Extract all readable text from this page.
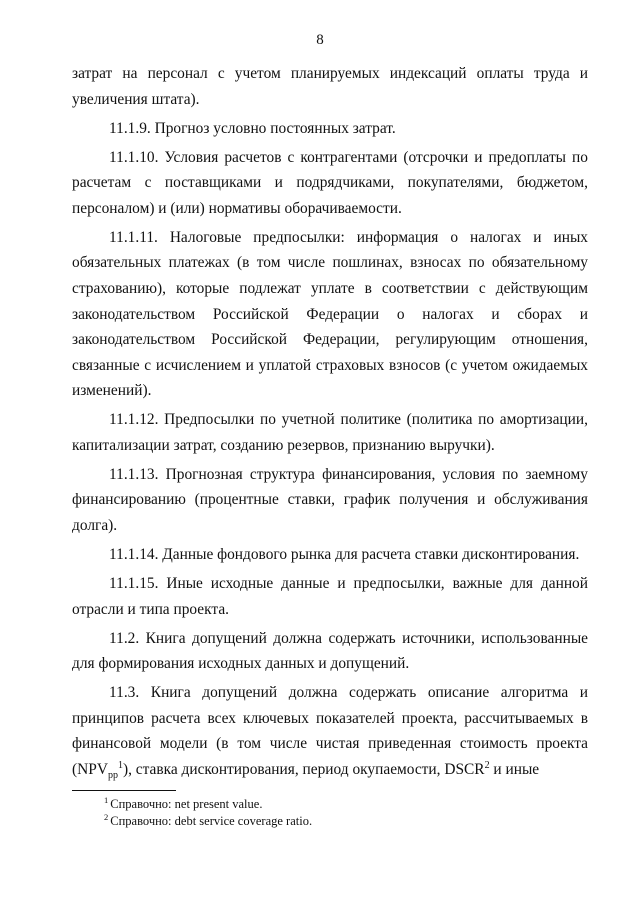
8

затрат на персонал с учетом планируемых индексаций оплаты труда и увеличения штата).

11.1.9. Прогноз условно постоянных затрат.

11.1.10. Условия расчетов с контрагентами (отсрочки и предоплаты по расчетам с поставщиками и подрядчиками, покупателями, бюджетом, персоналом) и (или) нормативы оборачиваемости.

11.1.11. Налоговые предпосылки: информация о налогах и иных обязательных платежах (в том числе пошлинах, взносах по обязательному страхованию), которые подлежат уплате в соответствии с действующим законодательством Российской Федерации о налогах и сборах и законодательством Российской Федерации, регулирующим отношения, связанные с исчислением и уплатой страховых взносов (с учетом ожидаемых изменений).

11.1.12. Предпосылки по учетной политике (политика по амортизации, капитализации затрат, созданию резервов, признанию выручки).

11.1.13. Прогнозная структура финансирования, условия по заемному финансированию (процентные ставки, график получения и обслуживания долга).

11.1.14. Данные фондового рынка для расчета ставки дисконтирования.

11.1.15. Иные исходные данные и предпосылки, важные для данной отрасли и типа проекта.

11.2. Книга допущений должна содержать источники, использованные для формирования исходных данных и допущений.

11.3. Книга допущений должна содержать описание алгоритма и принципов расчета всех ключевых показателей проекта, рассчитываемых в финансовой модели (в том числе чистая приведенная стоимость проекта $(NPV_{pp}^1)$, ставка дисконтирования, период окупаемости, DSCR$^2$ и иные

$^1$ Справочно: net present value.
$^2$ Справочно: debt service coverage ratio.
